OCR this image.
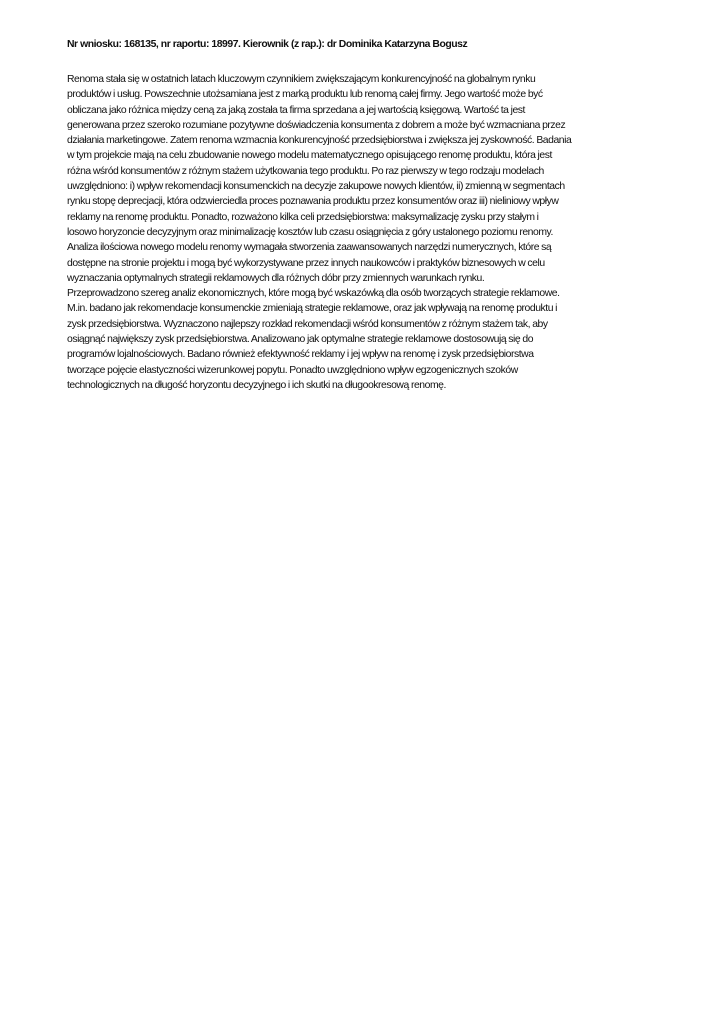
Nr wniosku: 168135, nr raportu: 18997. Kierownik (z rap.): dr Dominika Katarzyna Bogusz
Renoma stała się w ostatnich latach kluczowym czynnikiem zwiększającym konkurencyjność na globalnym rynku
produktów i usług. Powszechnie utożsamiana jest z marką produktu lub renomą całej firmy. Jego wartość może być
obliczana jako różnica między ceną za jaką została ta firma sprzedana a jej wartością księgową. Wartość ta jest
generowana przez szeroko rozumiane pozytywne doświadczenia konsumenta z dobrem a może być wzmacniana przez
działania marketingowe. Zatem renoma wzmacnia konkurencyjność przedsiębiorstwa i zwiększa jej zyskowność. Badania
w tym projekcie mają na celu zbudowanie nowego modelu matematycznego opisującego renomę produktu, która jest
różna wśród konsumentów z różnym stażem użytkowania tego produktu. Po raz pierwszy w tego rodzaju modelach
uwzględniono: i) wpływ rekomendacji konsumenckich na decyzje zakupowe nowych klientów, ii) zmienną w segmentach
rynku stopę deprecjacji, która odzwierciedla proces poznawania produktu przez konsumentów oraz iii) nieliniowy wpływ
reklamy na renomę produktu. Ponadto, rozważono kilka celi przedsiębiorstwa: maksymalizację zysku przy stałym i
losowo horyzoncie decyzyjnym oraz minimalizację kosztów lub czasu osiągnięcia z góry ustalonego poziomu renomy.
Analiza ilościowa nowego modelu renomy wymagała stworzenia zaawansowanych narzędzi numerycznych, które są
dostępne na stronie projektu i mogą być wykorzystywane przez innych naukowców i praktyków biznesowych w celu
wyznaczania optymalnych strategii reklamowych dla różnych dóbr przy zmiennych warunkach rynku.
Przeprowadzono szereg analiz ekonomicznych, które mogą być wskazówką dla osób tworzących strategie reklamowe.
M.in. badano jak rekomendacje konsumenckie zmieniają strategie reklamowe, oraz jak wpływają na renomę produktu i
zysk przedsiębiorstwa. Wyznaczono najlepszy rozkład rekomendacji wśród konsumentów z różnym stażem tak, aby
osiągnąć największy zysk przedsiębiorstwa. Analizowano jak optymalne strategie reklamowe dostosowują się do
programów lojalnościowych. Badano również efektywność reklamy i jej wpływ na renomę i zysk przedsiębiorstwa
tworzące pojęcie elastyczności wizerunkowej popytu. Ponadto uwzględniono wpływ egzogenicznych szoków
technologicznych na długość horyzontu decyzyjnego i ich skutki na długookresową renomę.
